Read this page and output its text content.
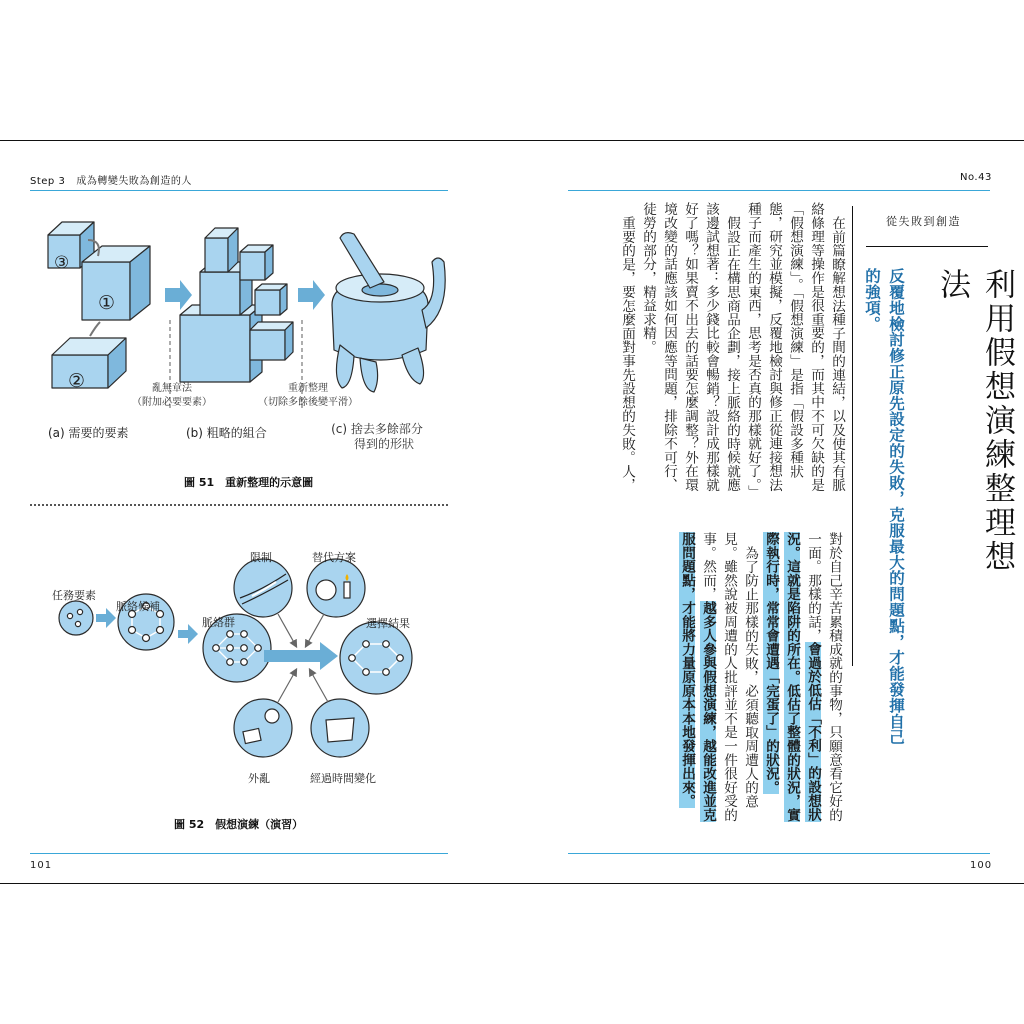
Step 3 成為轉變失敗為創造的人
③
①
②	亂無章法
（附加必要要素）
重新整理
（切除多餘後變平滑）
(a) 需要的要素	(b) 粗略的組合	(c) 捨去多餘部分
得到的形狀
圖 51　重新整理的示意圖
任務要素
脈絡候補
脈絡群
限制	替代方案
選擇結果
外亂	經過時間變化
圖 52　假想演練（演習）
101
No.43
從失敗到創造
利用假想演練整理想法
反覆地檢討修正原先設定的失敗，克服最大的問題點，才能發揮自己的強項。

在前篇瞭解想法種子間的連結，以及使其有脈絡條理等操作是很重要的，而其中不可欠缺的是「假想演練」。「假想演練」是指「假設多種狀態，研究並模擬，反覆地檢討與修正從連接想法種子而產生的東西，思考是否真的那樣就好了。」

假設正在構思商品企劃，接上脈絡的時候就應該邊試想著：多少錢比較會暢銷？設計成那樣就好了嗎？如果賣不出去的話要怎麼調整？外在環境改變的話應該如何因應等問題，排除不可行、徒勞的部分，精益求精。

重要的是，要怎麼面對事先設想的失敗。人，

對於自己辛苦累積成就的事物，只願意看它好的一面。那樣的話，會過於低估「不利」的設想狀況。這就是陷阱的所在。低估了整體的狀況，實際執行時，常常會遭遇「完蛋了」的狀況。

為了防止那樣的失敗，必須聽取周遭人的意見。雖然說被周遭的人批評並不是一件很好受的事。然而，越多人參與假想演練，越能改進並克服問題點，才能將力量原原本本地發揮出來。

100
